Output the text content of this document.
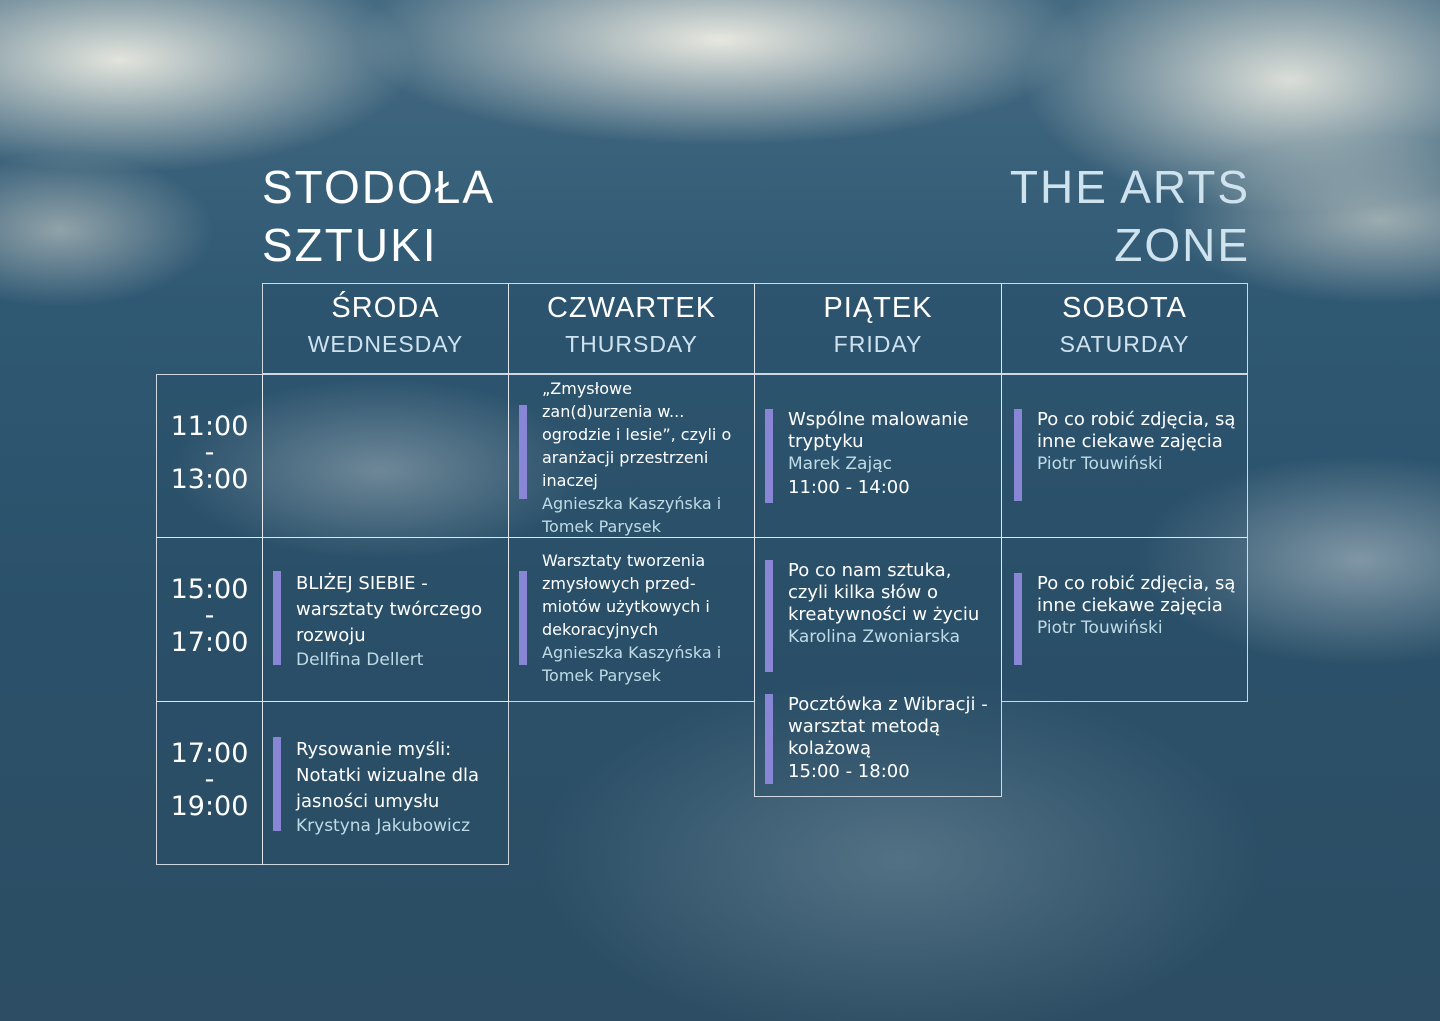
STODOŁA
SZTUKI
THE ARTS
ZONE
ŚRODA
WEDNESDAY
CZWARTEK
THURSDAY
PIĄTEK
FRIDAY
SOBOTA
SATURDAY
11:00
-
13:00
15:00
-
17:00
17:00
-
19:00
„Zmysłowe zan(d)urzenia w... ogrodzie i lesie”, czyli o aranżacji przestrzeni inaczej
Agnieszka Kaszyńska i Tomek Parysek
Wspólne malowanie tryptyku
Marek Zając
11:00 - 14:00
Po co robić zdjęcia, są inne ciekawe zajęcia
Piotr Touwiński
BLIŻEJ SIEBIE - warsztaty twórczego rozwoju
Dellfina Dellert
Warsztaty tworzenia zmysłowych przed-miotów użytkowych i dekoracyjnych
Agnieszka Kaszyńska i Tomek Parysek
Po co nam sztuka, czyli kilka słów o kreatywności w życiu
Karolina Zwoniarska
Pocztówka z Wibracji - warsztat metodą kolażową
15:00 - 18:00
Po co robić zdjęcia, są inne ciekawe zajęcia
Piotr Touwiński
Rysowanie myśli: Notatki wizualne dla jasności umysłu
Krystyna Jakubowicz
